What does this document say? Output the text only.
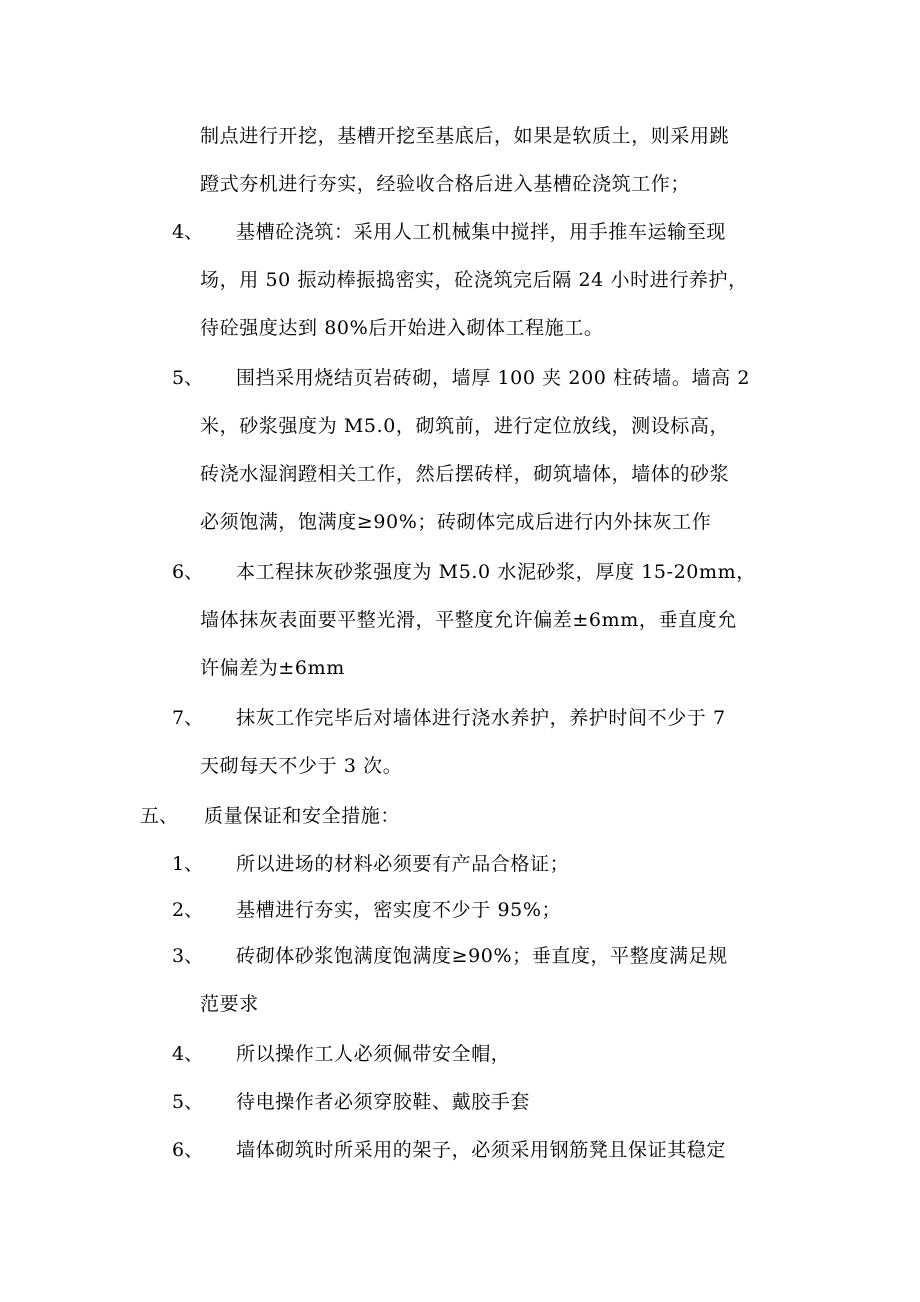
制点进行开挖，基槽开挖至基底后，如果是软质土，则采用跳
蹬式夯机进行夯实，经验收合格后进入基槽砼浇筑工作；
4、 基槽砼浇筑：采用人工机械集中搅拌，用手推车运输至现
场，用 50 振动棒振捣密实，砼浇筑完后隔 24 小时进行养护，
待砼强度达到 80%后开始进入砌体工程施工。
5、 围挡采用烧结页岩砖砌，墙厚 100 夹 200 柱砖墙。墙高 2
米，砂浆强度为 M5.0，砌筑前，进行定位放线，测设标高，
砖浇水湿润蹬相关工作，然后摆砖样，砌筑墙体，墙体的砂浆
必须饱满，饱满度≥90%；砖砌体完成后进行内外抹灰工作
6、 本工程抹灰砂浆强度为 M5.0 水泥砂浆，厚度 15-20mm，
墙体抹灰表面要平整光滑，平整度允许偏差±6mm，垂直度允
许偏差为±6mm
7、 抹灰工作完毕后对墙体进行浇水养护，养护时间不少于 7
天砌每天不少于 3 次。
五、 质量保证和安全措施：
1、 所以进场的材料必须要有产品合格证；
2、 基槽进行夯实，密实度不少于 95%；
3、 砖砌体砂浆饱满度饱满度≥90%；垂直度，平整度满足规
范要求
4、 所以操作工人必须佩带安全帽，
5、 待电操作者必须穿胶鞋、戴胶手套
6、 墙体砌筑时所采用的架子，必须采用钢筋凳且保证其稳定
